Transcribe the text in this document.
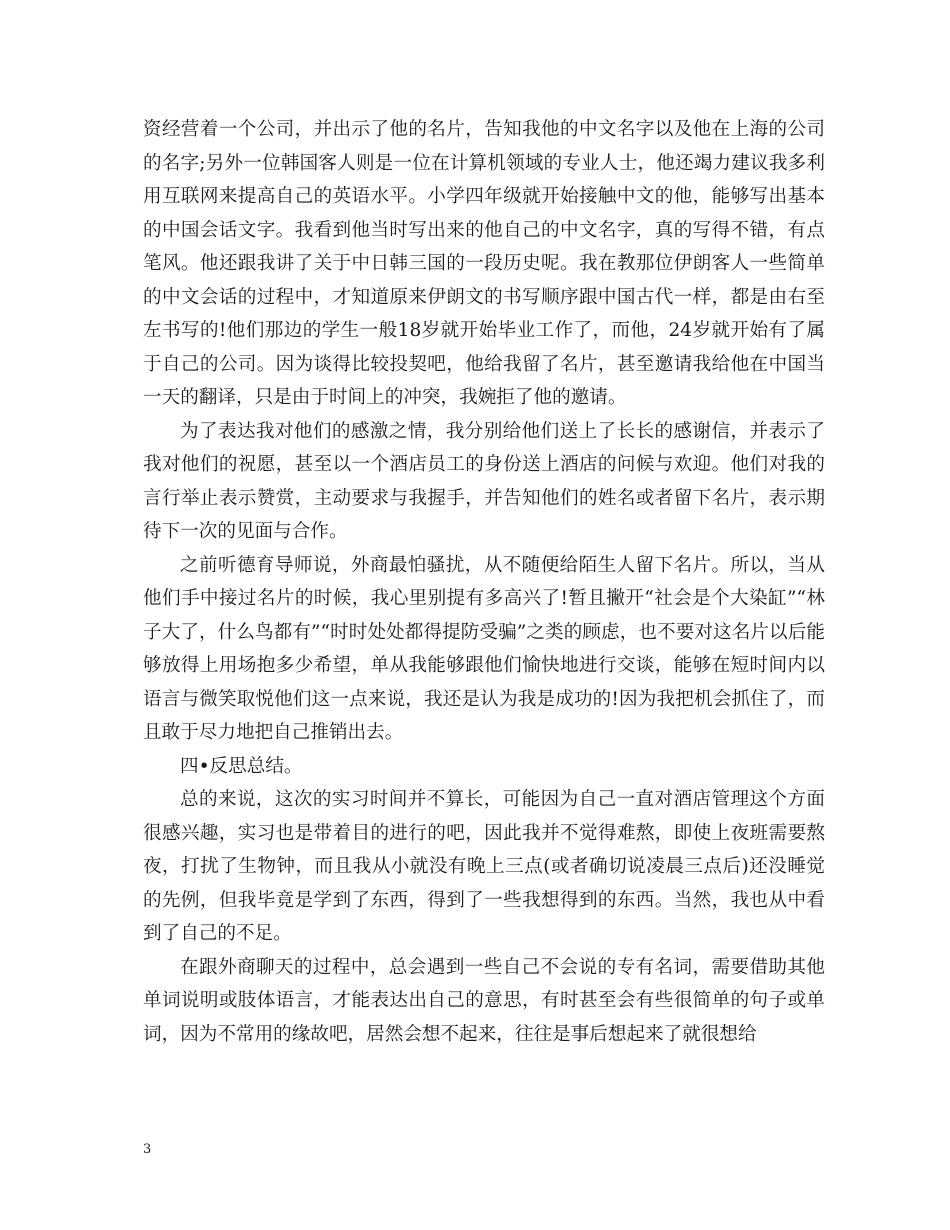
资经营着一个公司，并出示了他的名片，告知我他的中文名字以及他在上海的公司的名字;另外一位韩国客人则是一位在计算机领域的专业人士，他还竭力建议我多利用互联网来提高自己的英语水平。小学四年级就开始接触中文的他，能够写出基本的中国会话文字。我看到他当时写出来的他自己的中文名字，真的写得不错，有点笔风。他还跟我讲了关于中日韩三国的一段历史呢。我在教那位伊朗客人一些简单的中文会话的过程中，才知道原来伊朗文的书写顺序跟中国古代一样，都是由右至左书写的!他们那边的学生一般18岁就开始毕业工作了，而他，24岁就开始有了属于自己的公司。因为谈得比较投契吧，他给我留了名片，甚至邀请我给他在中国当一天的翻译，只是由于时间上的冲突，我婉拒了他的邀请。

为了表达我对他们的感激之情，我分别给他们送上了长长的感谢信，并表示了我对他们的祝愿，甚至以一个酒店员工的身份送上酒店的问候与欢迎。他们对我的言行举止表示赞赏，主动要求与我握手，并告知他们的姓名或者留下名片，表示期待下一次的见面与合作。

之前听德育导师说，外商最怕骚扰，从不随便给陌生人留下名片。所以，当从他们手中接过名片的时候，我心里别提有多高兴了!暂且撇开“社会是个大染缸”“林子大了，什么鸟都有”“时时处处都得提防受骗”之类的顾虑，也不要对这名片以后能够放得上用场抱多少希望，单从我能够跟他们愉快地进行交谈，能够在短时间内以语言与微笑取悦他们这一点来说，我还是认为我是成功的!因为我把机会抓住了，而且敢于尽力地把自己推销出去。

四•反思总结。

总的来说，这次的实习时间并不算长，可能因为自己一直对酒店管理这个方面很感兴趣，实习也是带着目的进行的吧，因此我并不觉得难熬，即使上夜班需要熬夜，打扰了生物钟，而且我从小就没有晚上三点(或者确切说凌晨三点后)还没睡觉的先例，但我毕竟是学到了东西，得到了一些我想得到的东西。当然，我也从中看到了自己的不足。

在跟外商聊天的过程中，总会遇到一些自己不会说的专有名词，需要借助其他单词说明或肢体语言，才能表达出自己的意思，有时甚至会有些很简单的句子或单词，因为不常用的缘故吧，居然会想不起来，往往是事后想起来了就很想给

3
